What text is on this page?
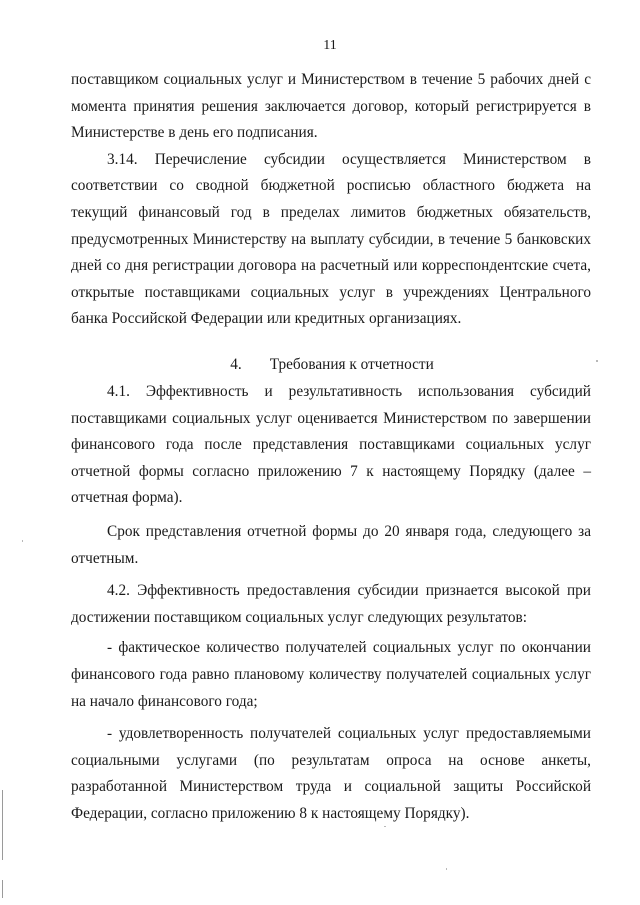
11

поставщиком социальных услуг и Министерством в течение 5 рабочих дней с момента принятия решения заключается договор, который регистрируется в Министерстве в день его подписания.

3.14. Перечисление субсидии осуществляется Министерством в соответствии со сводной бюджетной росписью областного бюджета на текущий финансовый год в пределах лимитов бюджетных обязательств, предусмотренных Министерству на выплату субсидии, в течение 5 банковских дней со дня регистрации договора на расчетный или корреспондентские счета, открытые поставщиками социальных услуг в учреждениях Центрального банка Российской Федерации или кредитных организациях.

4. Требования к отчетности

4.1. Эффективность и результативность использования субсидий поставщиками социальных услуг оценивается Министерством по завершении финансового года после представления поставщиками социальных услуг отчетной формы согласно приложению 7 к настоящему Порядку (далее – отчетная форма).

Срок представления отчетной формы до 20 января года, следующего за отчетным.

4.2. Эффективность предоставления субсидии признается высокой при достижении поставщиком социальных услуг следующих результатов:

- фактическое количество получателей социальных услуг по окончании финансового года равно плановому количеству получателей социальных услуг на начало финансового года;

- удовлетворенность получателей социальных услуг предоставляемыми социальными услугами (по результатам опроса на основе анкеты, разработанной Министерством труда и социальной защиты Российской Федерации, согласно приложению 8 к настоящему Порядку).
